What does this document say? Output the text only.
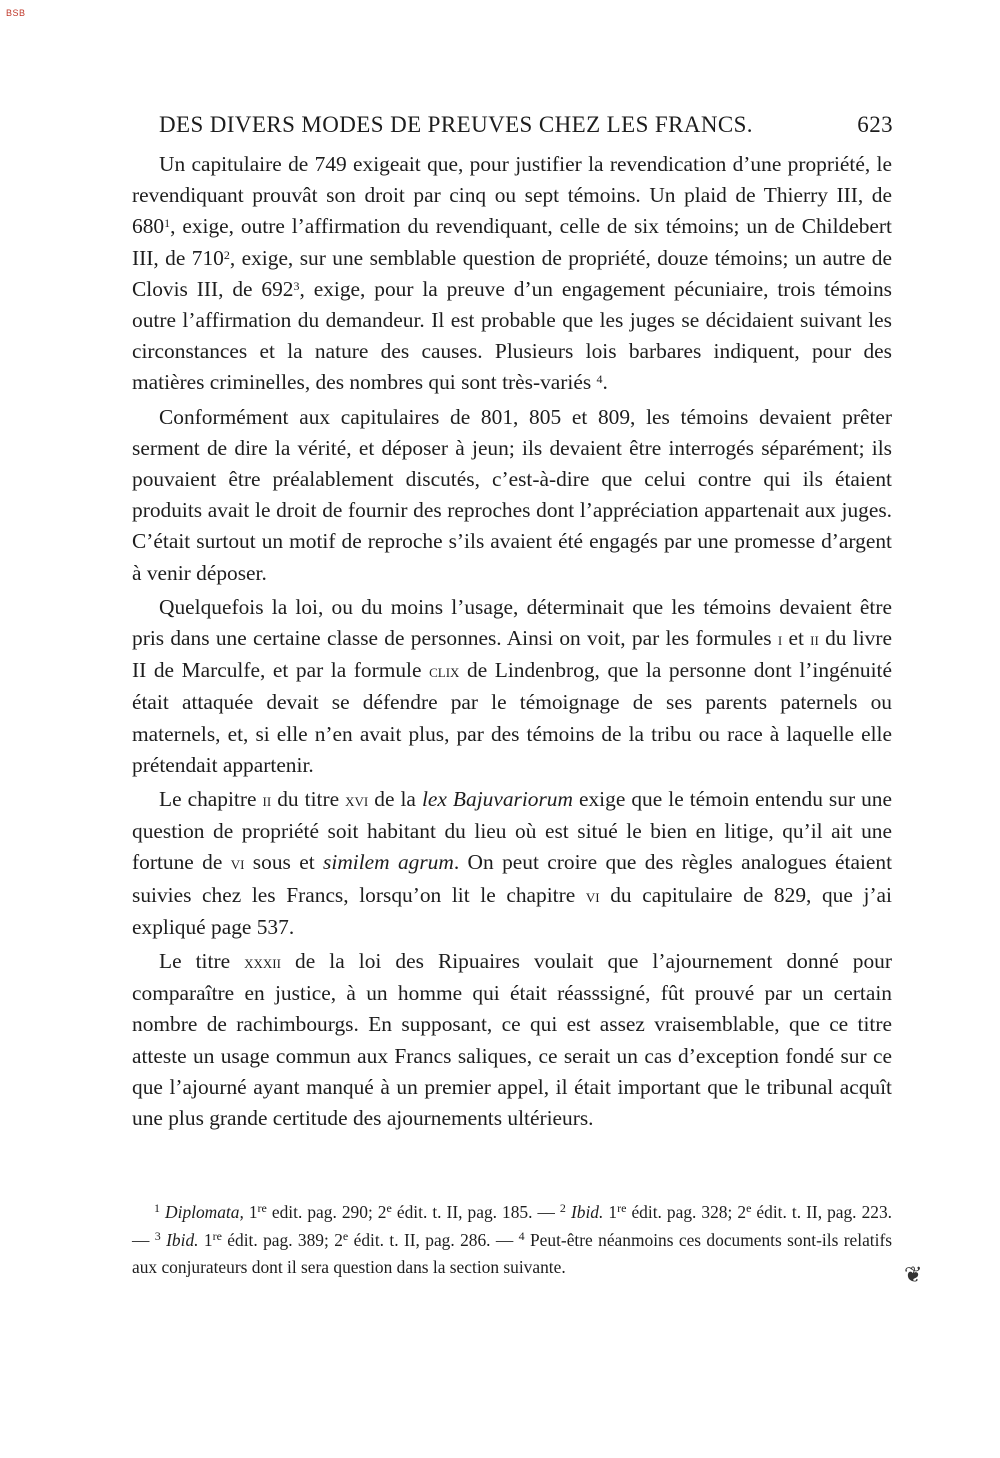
BSB
DES DIVERS MODES DE PREUVES CHEZ LES FRANCS.	623

Un capitulaire de 749 exigeait que, pour justifier la revendication d’une propriété, le revendiquant prouvât son droit par cinq ou sept témoins. Un plaid de Thierry III, de $680^1$, exige, outre l’affirmation du revendiquant, celle de six témoins; un de Childebert III, de $710^2$, exige, sur une semblable question de propriété, douze témoins; un autre de Clovis III, de $692^3$, exige, pour la preuve d’un engagement pécuniaire, trois témoins outre l’affirmation du demandeur. Il est probable que les juges se décidaient suivant les circonstances et la nature des causes. Plusieurs lois barbares indiquent, pour des matières criminelles, des nombres qui sont très-variés $^4$.

Conformément aux capitulaires de 801, 805 et 809, les témoins devaient prêter serment de dire la vérité, et déposer à jeun; ils devaient être interrogés séparément; ils pouvaient être préalablement discutés, c’est-à-dire que celui contre qui ils étaient produits avait le droit de fournir des reproches dont l’appréciation appartenait aux juges. C’était surtout un motif de reproche s’ils avaient été engagés par une promesse d’argent à venir déposer.

Quelquefois la loi, ou du moins l’usage, déterminait que les témoins devaient être pris dans une certaine classe de personnes. Ainsi on voit, par les formules i et ii du livre II de Marculfe, et par la formule clix de Lindenbrog, que la personne dont l’ingénuité était attaquée devait se défendre par le témoignage de ses parents paternels ou maternels, et, si elle n’en avait plus, par des témoins de la tribu ou race à laquelle elle prétendait appartenir.

Le chapitre ii du titre xvi de la lex Bajuvariorum exige que le témoin entendu sur une question de propriété soit habitant du lieu où est situé le bien en litige, qu’il ait une fortune de vi sous et similem agrum. On peut croire que des règles analogues étaient suivies chez les Francs, lorsqu’on lit le chapitre vi du capitulaire de 829, que j’ai expliqué page 537.

Le titre xxxii de la loi des Ripuaires voulait que l’ajournement donné pour comparaître en justice, à un homme qui était réasssigné, fût prouvé par un certain nombre de rachimbourgs. En supposant, ce qui est assez vraisemblable, que ce titre atteste un usage commun aux Francs saliques, ce serait un cas d’exception fondé sur ce que l’ajourné ayant manqué à un premier appel, il était important que le tribunal acquît une plus grande certitude des ajournements ultérieurs.

$^1$ Diplomata, 1re edit. pag. 290; 2e édit. t. II, pag. 185. — $^2$ Ibid. 1re édit. pag. 328; 2e édit. t. II, pag. 223. — $^3$ Ibid. 1re édit. pag. 389; 2e édit. t. II, pag. 286. — $^4$ Peut-être néanmoins ces documents sont-ils relatifs aux conjurateurs dont il sera question dans la section suivante.	❦
